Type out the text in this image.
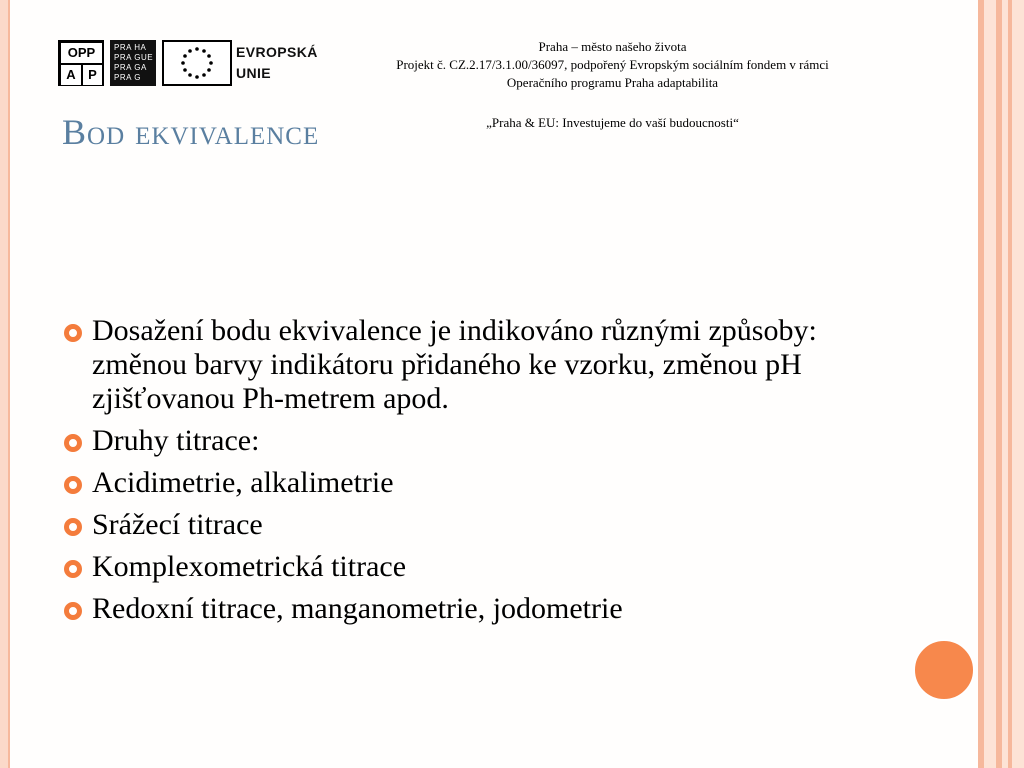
OPP
P
A
PRA HA
PRA GUE
PRA GA
PRA G
EVROPSKÁ
UNIE
Praha – město našeho života
Projekt č. CZ.2.17/3.1.00/36097, podpořený Evropským sociálním fondem v rámci
Operačního programu Praha adaptabilita
„Praha & EU: Investujeme do vaší budoucnosti“
Bod ekvivalence
Dosažení bodu ekvivalence je indikováno různými způsoby: změnou barvy indikátoru přidaného ke vzorku, změnou pH zjišťovanou Ph-metrem apod.
Druhy titrace:
Acidimetrie, alkalimetrie
Srážecí titrace
Komplexometrická titrace
Redoxní titrace, manganometrie, jodometrie
